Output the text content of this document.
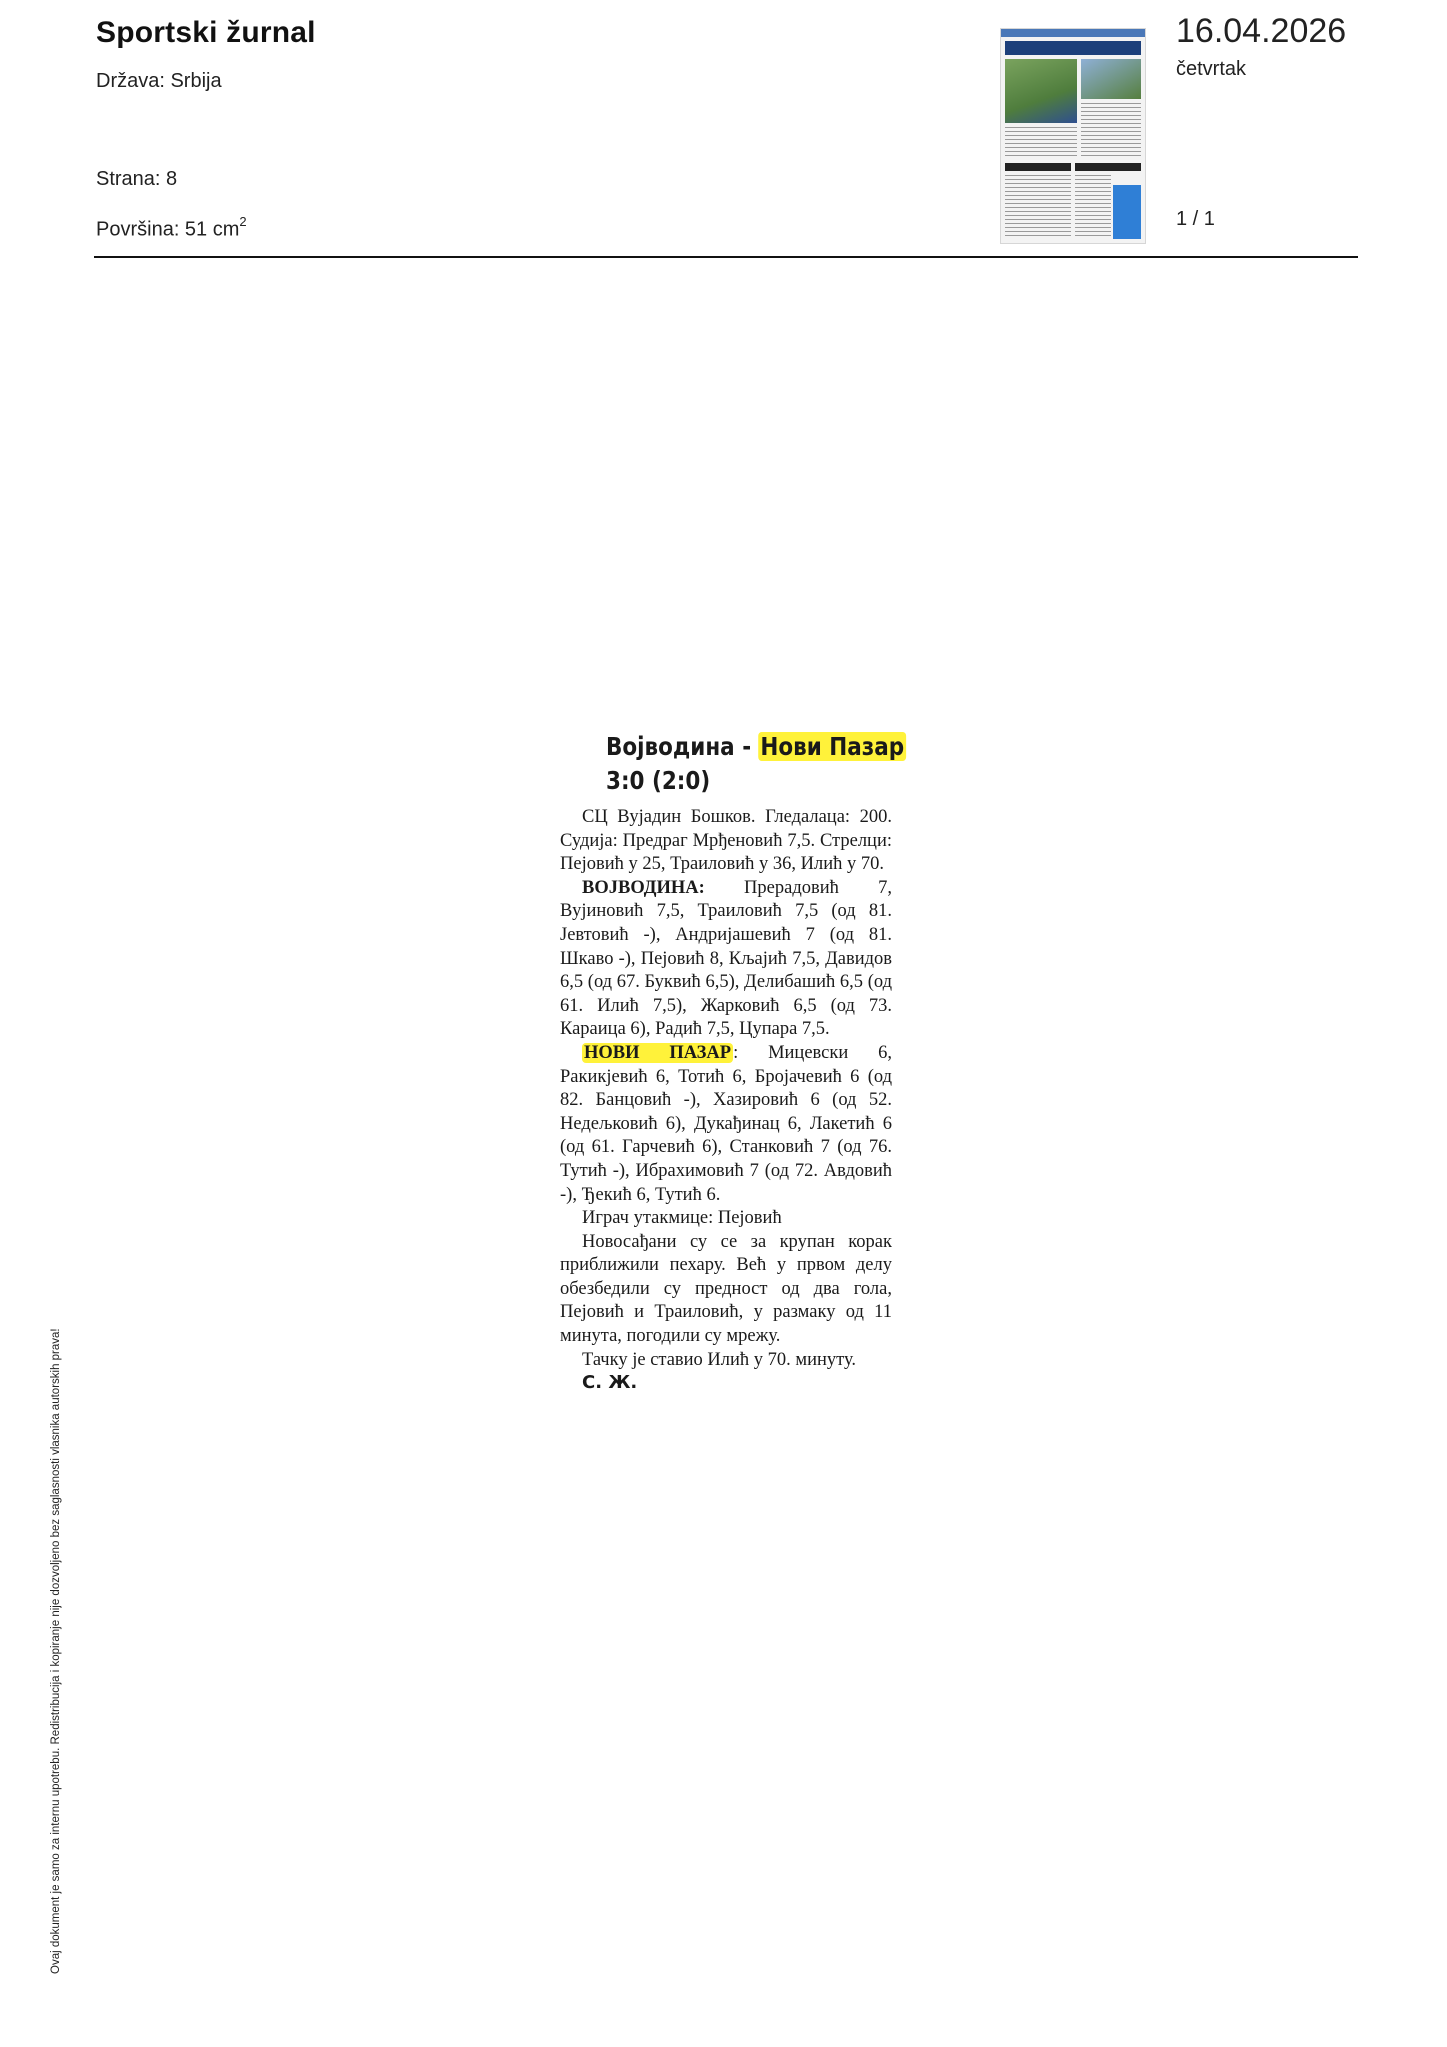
Sportski žurnal
Država: Srbija
Strana: 8
Površina: 51 $cm^2$
16.04.2026
četvrtak
1 / 1
Војводина - Нови Пазар
3:0 (2:0)

СЦ Вујадин Бошков. Гледалаца: 200. Судија: Предраг Мрђеновић 7,5. Стрелци: Пејовић у 25, Траиловић у 36, Илић у 70.

ВОЈВОДИНА: Прерадовић 7, Вујиновић 7,5, Траиловић 7,5 (од 81. Јевтовић -), Андријашевић 7 (од 81. Шкаво -), Пејовић 8, Кљајић 7,5, Давидов 6,5 (од 67. Буквић 6,5), Делибашић 6,5 (од 61. Илић 7,5), Жарковић 6,5 (од 73. Караица 6), Радић 7,5, Цупара 7,5.

НОВИ ПАЗАР : Мицевски 6, Ракикјевић 6, Тотић 6, Бројачевић 6 (од 82. Банцовић -), Хазировић 6 (од 52. Недељковић 6), Дукађинац 6, Лакетић 6 (од 61. Гарчевић 6), Станковић 7 (од 76. Тутић -), Ибрахимовић 7 (од 72. Авдовић -), Ђекић 6, Тутић 6.

Играч утакмице: Пејовић

Новосађани су се за крупан корак приближили пехару. Већ у првом делу обезбедили су предност од два гола, Пејовић и Траиловић, у размаку од 11 минута, погодили су мрежу.

Тачку је ставио Илић у 70. минуту.

С. Ж.
Ovaj dokument je samo za internu upotrebu. Redistribucija i kopiranje nije dozvoljeno bez saglasnosti vlasnika autorskih prava!
